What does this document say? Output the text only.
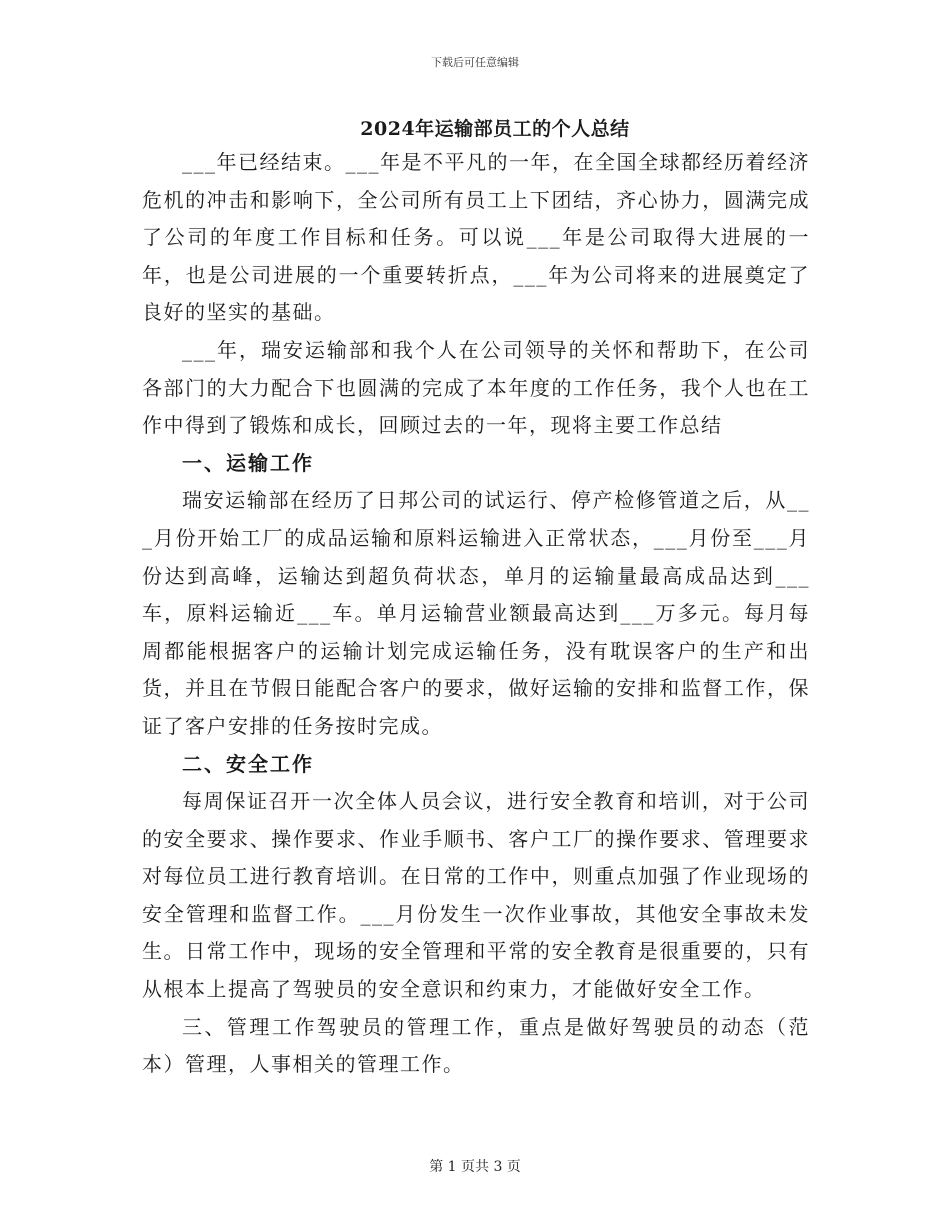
下载后可任意编辑
2024年运输部员工的个人总结

___年已经结束。___年是不平凡的一年，在全国全球都经历着经济危机的冲击和影响下，全公司所有员工上下团结，齐心协力，圆满完成了公司的年度工作目标和任务。可以说___年是公司取得大进展的一年，也是公司进展的一个重要转折点，___年为公司将来的进展奠定了良好的坚实的基础。

___年，瑞安运输部和我个人在公司领导的关怀和帮助下，在公司各部门的大力配合下也圆满的完成了本年度的工作任务，我个人也在工作中得到了锻炼和成长，回顾过去的一年，现将主要工作总结

一、运输工作

瑞安运输部在经历了日邦公司的试运行、停产检修管道之后，从___月份开始工厂的成品运输和原料运输进入正常状态，___月份至___月份达到高峰，运输达到超负荷状态，单月的运输量最高成品达到___车，原料运输近___车。单月运输营业额最高达到___万多元。每月每周都能根据客户的运输计划完成运输任务，没有耽误客户的生产和出货，并且在节假日能配合客户的要求，做好运输的安排和监督工作，保证了客户安排的任务按时完成。

二、安全工作

每周保证召开一次全体人员会议，进行安全教育和培训，对于公司的安全要求、操作要求、作业手顺书、客户工厂的操作要求、管理要求对每位员工进行教育培训。在日常的工作中，则重点加强了作业现场的安全管理和监督工作。___月份发生一次作业事故，其他安全事故未发生。日常工作中，现场的安全管理和平常的安全教育是很重要的，只有从根本上提高了驾驶员的安全意识和约束力，才能做好安全工作。

三、管理工作驾驶员的管理工作，重点是做好驾驶员的动态（范本）管理，人事相关的管理工作。

第 1 页共 3 页
